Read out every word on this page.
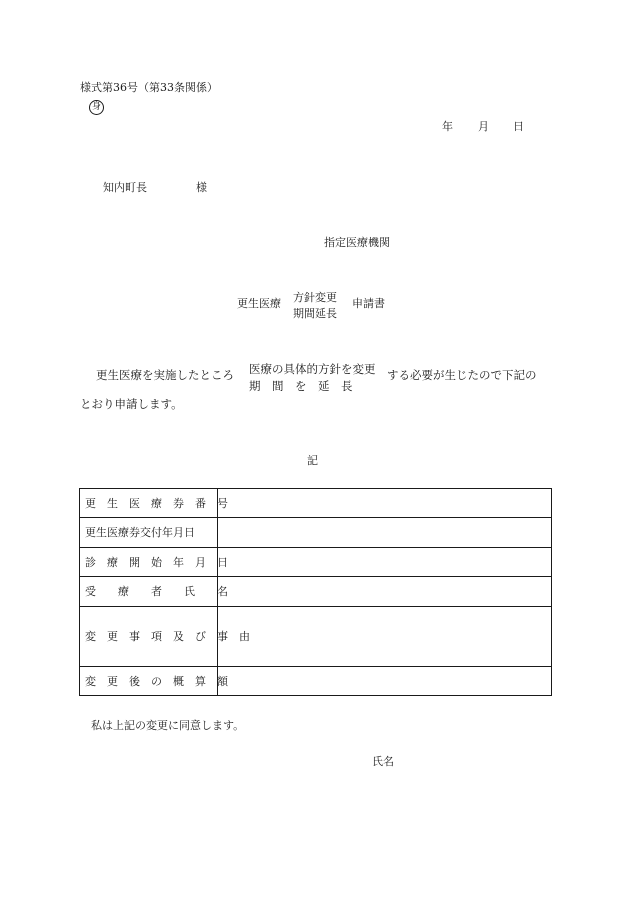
様式第36号（第33条関係）
身
年 月 日
知内町長	様
指定医療機関
更生医療 方針変更
期間延長
申請書
更生医療を実施したところ 医療の具体的方針を変更
期　間　を　延　長
する必要が生じたので下記の
とおり申請します。
記
更　生　医　療　券　番　号	
更生医療券交付年月日	
診　療　開　始　年　月　日	
受　　療　　者　　氏　　名	
変　更　事　項　及　び　事　由	
変　更　後　の　概　算　額	
私は上記の変更に同意します。
氏名
